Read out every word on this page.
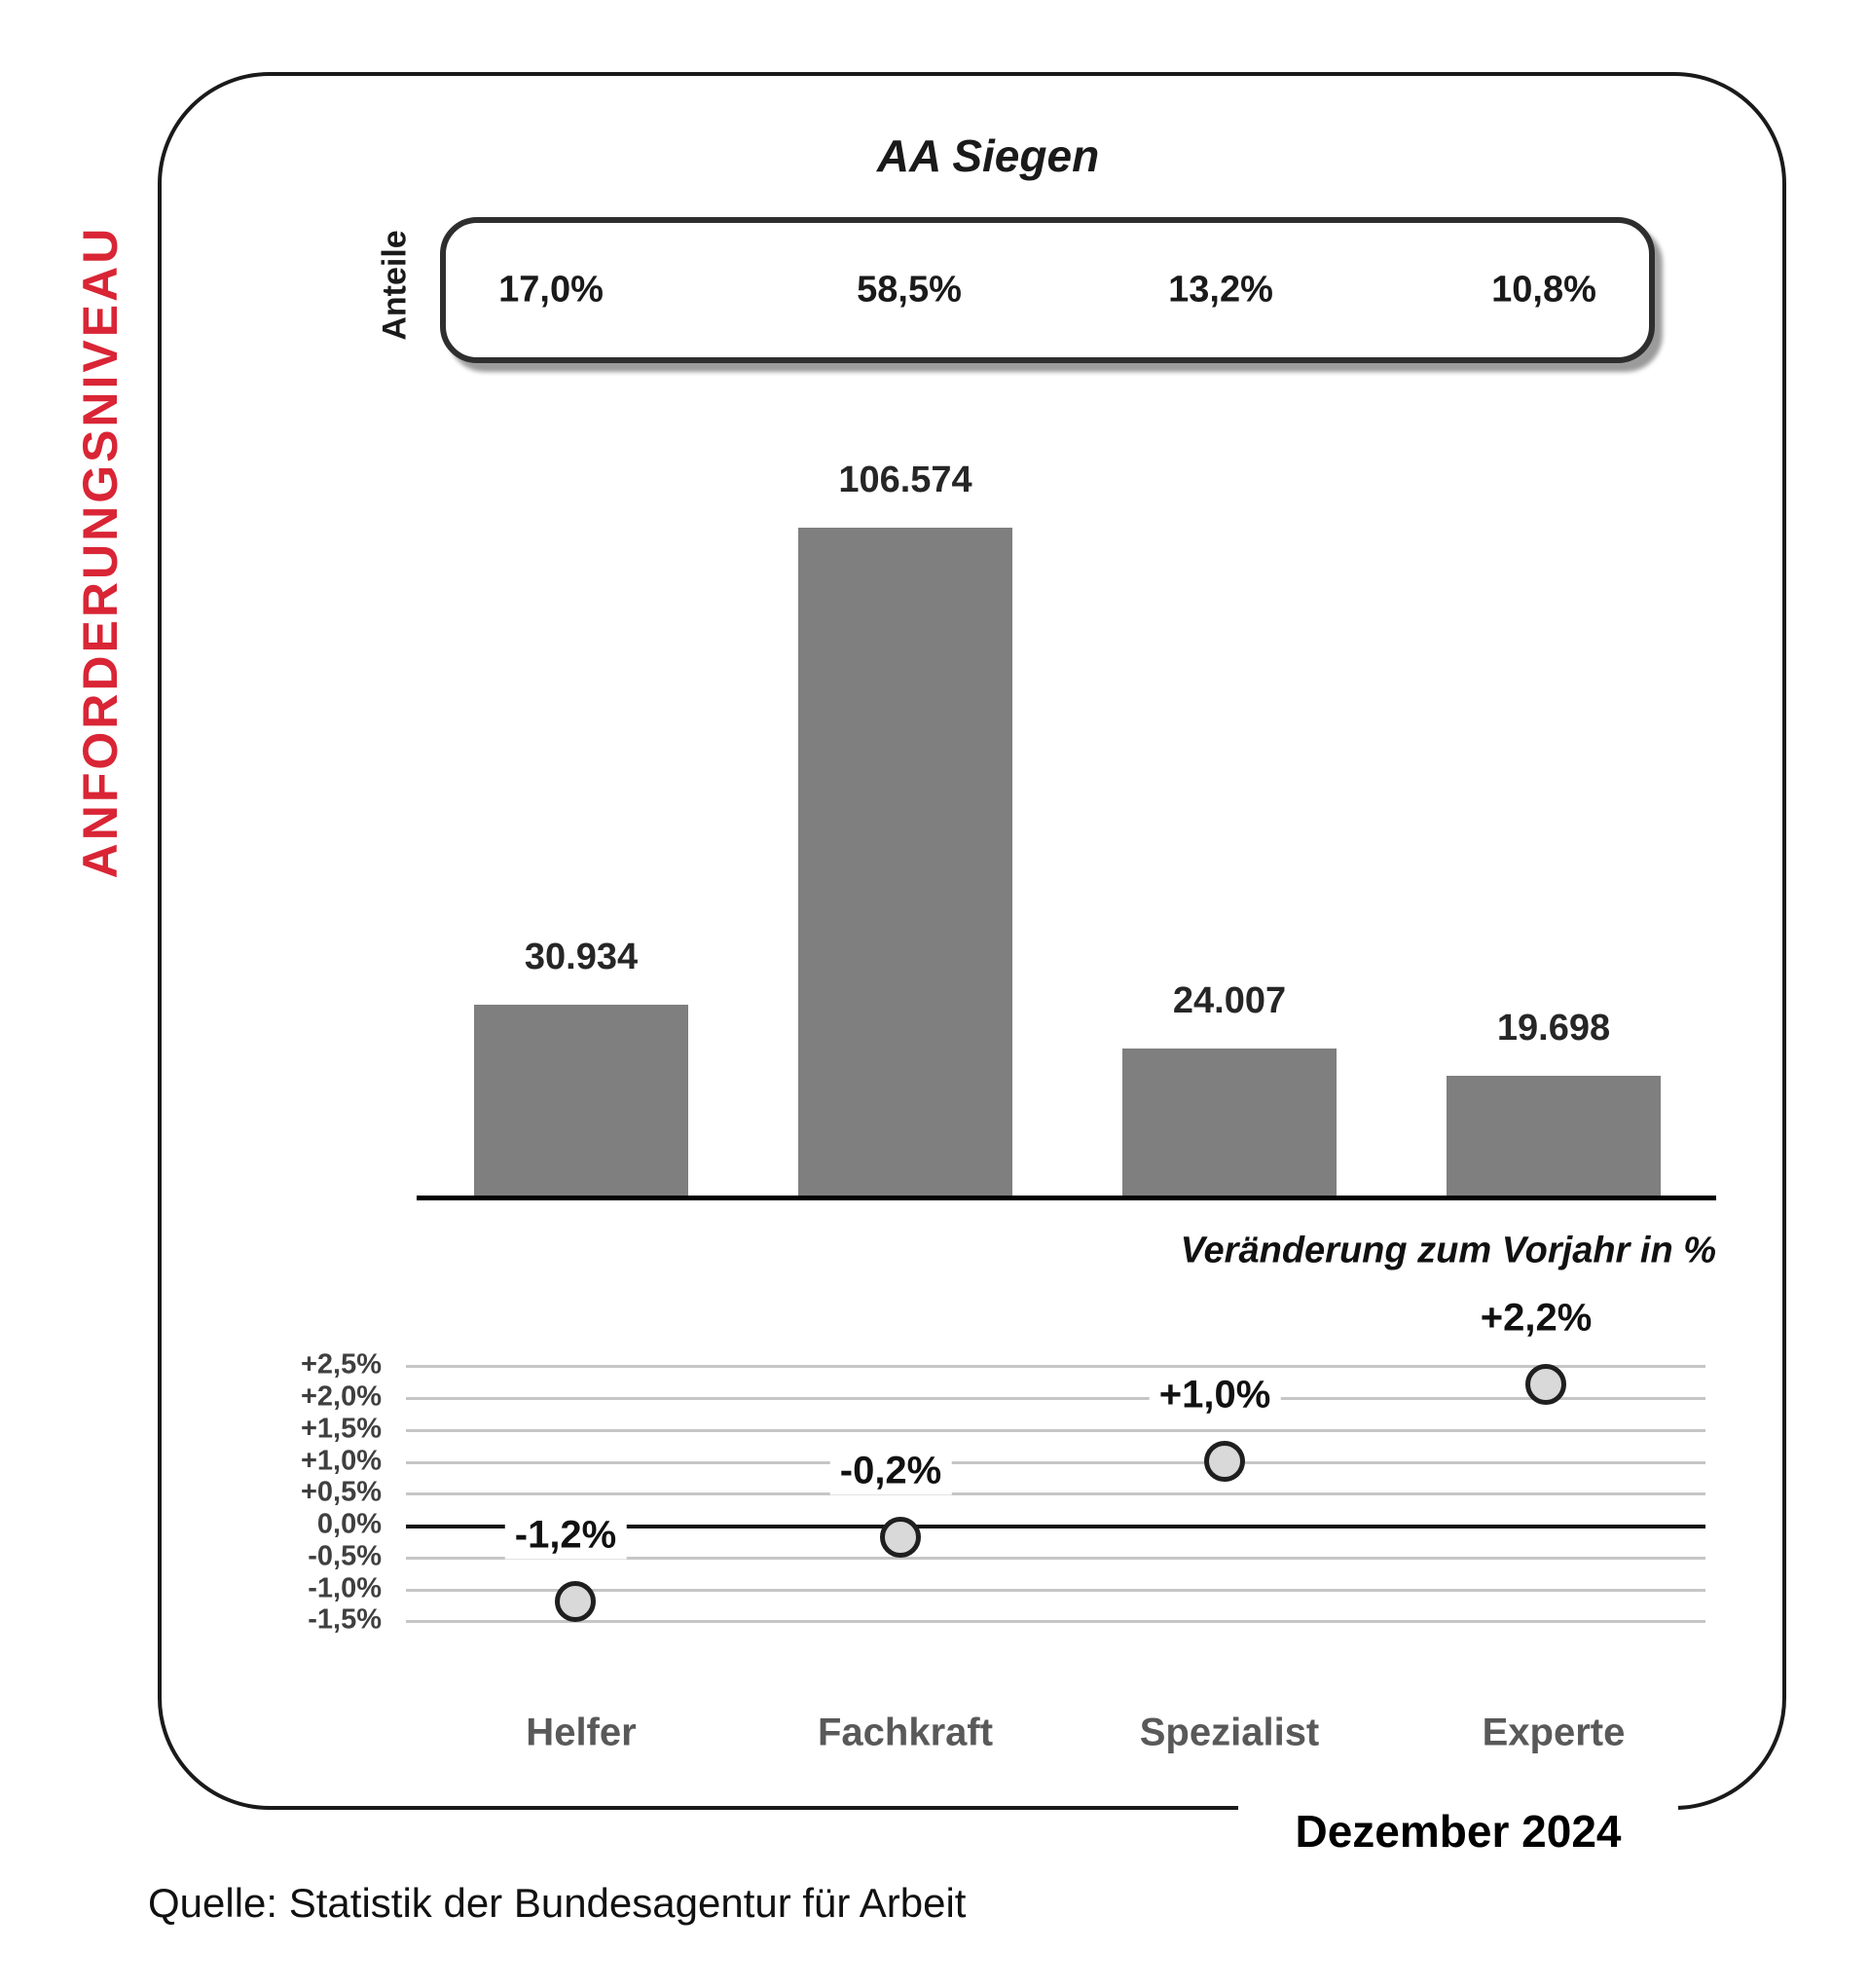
ANFORDERUNGSNIVEAU
AA Siegen
Anteile 17,0%	58,5%	13,2%	10,8%
30.934
106.574
24.007
19.698
Veränderung zum Vorjahr in %
+2,5%
+2,0%
+1,5%
+1,0%
+0,5%
0,0%
-0,5%
-1,0%
-1,5%
-1,2%
-0,2%
+1,0%
+2,2%
Helfer	Fachkraft	Spezialist	Experte
Dezember 2024
Quelle: Statistik der Bundesagentur für Arbeit
